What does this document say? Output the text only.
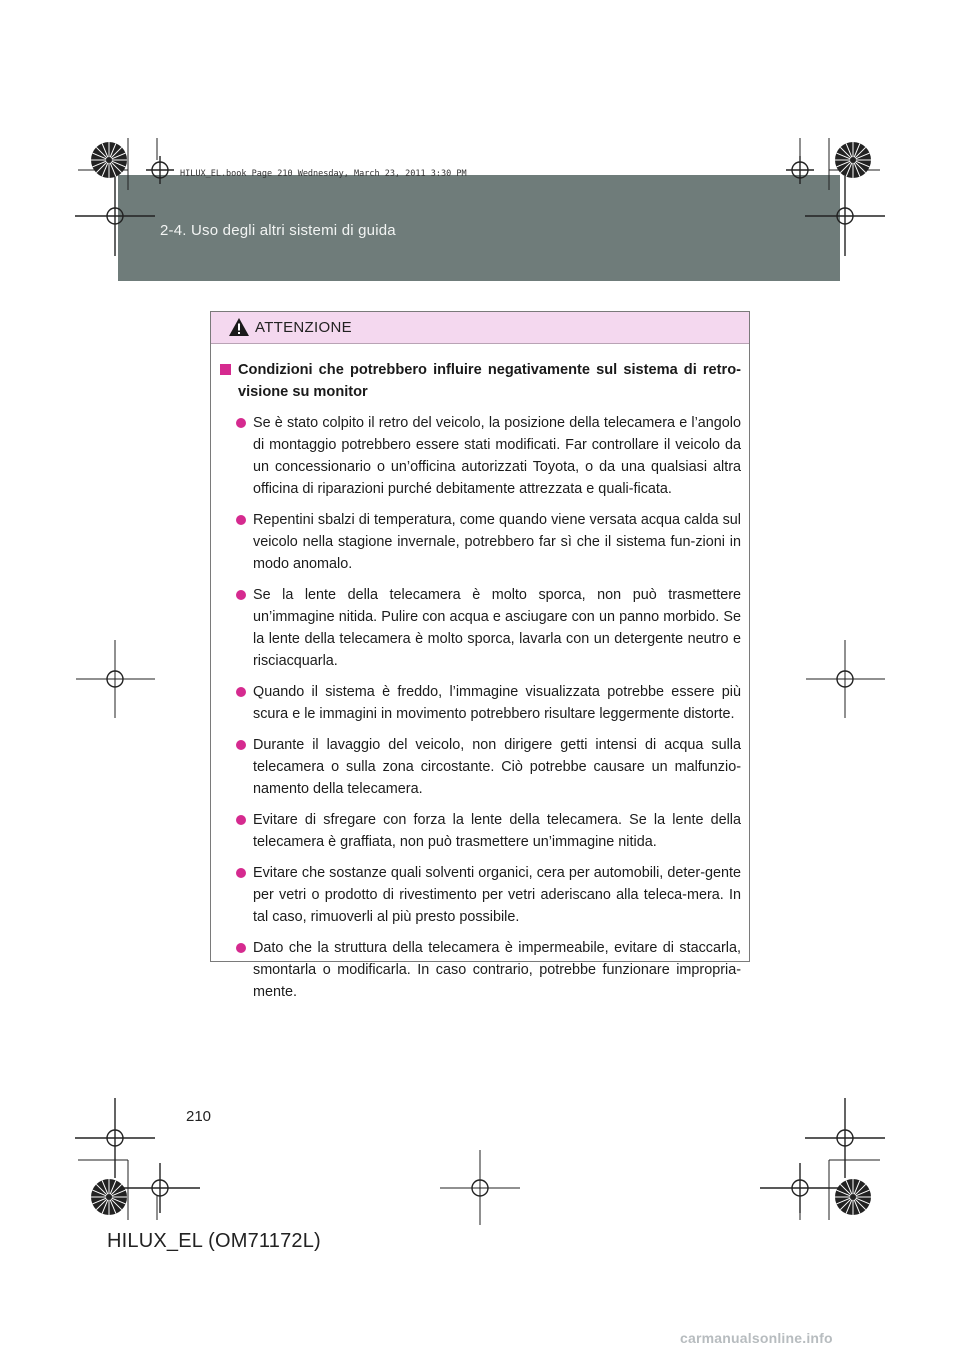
2-4. Uso degli altri sistemi di guida
HILUX_EL.book Page 210 Wednesday, March 23, 2011 3:30 PM
ATTENZIONE
Condizioni che potrebbero influire negativamente sul sistema di retro-visione su monitor
Se è stato colpito il retro del veicolo, la posizione della telecamera e l’angolo di montaggio potrebbero essere stati modificati. Far controllare il veicolo da un concessionario o un’officina autorizzati Toyota, o da una qualsiasi altra officina di riparazioni purché debitamente attrezzata e quali-ficata.
Repentini sbalzi di temperatura, come quando viene versata acqua calda sul veicolo nella stagione invernale, potrebbero far sì che il sistema fun-zioni in modo anomalo.
Se la lente della telecamera è molto sporca, non può trasmettere un’immagine nitida. Pulire con acqua e asciugare con un panno morbido. Se la lente della telecamera è molto sporca, lavarla con un detergente neutro e risciacquarla.
Quando il sistema è freddo, l’immagine visualizzata potrebbe essere più scura e le immagini in movimento potrebbero risultare leggermente distorte.
Durante il lavaggio del veicolo, non dirigere getti intensi di acqua sulla telecamera o sulla zona circostante. Ciò potrebbe causare un malfunzio-namento della telecamera.
Evitare di sfregare con forza la lente della telecamera. Se la lente della telecamera è graffiata, non può trasmettere un’immagine nitida.
Evitare che sostanze quali solventi organici, cera per automobili, deter-gente per vetri o prodotto di rivestimento per vetri aderiscano alla teleca-mera. In tal caso, rimuoverli al più presto possibile.
Dato che la struttura della telecamera è impermeabile, evitare di staccarla, smontarla o modificarla. In caso contrario, potrebbe funzionare impropria-mente.
210
HILUX_EL (OM71172L)
carmanualsonline.info
